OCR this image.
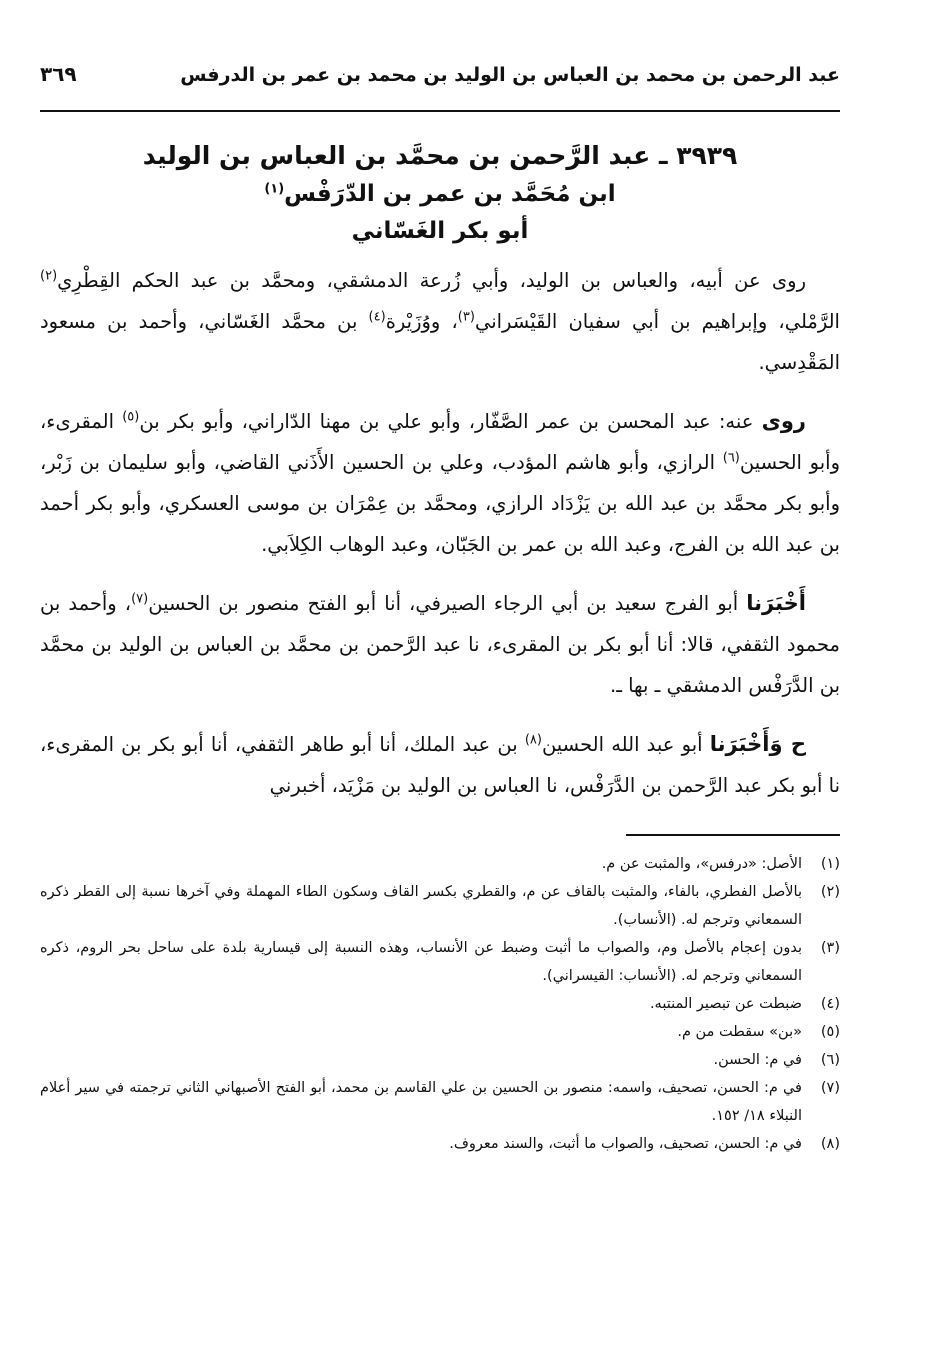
عبد الرحمن بن محمد بن العباس بن الوليد بن محمد بن عمر بن الدرفس
٣٦٩
٣٩٣٩ ـ عبد الرَّحمن بن محمَّد بن العباس بن الوليد
ابن مُحَمَّد بن عمر بن الدّرَفْس$^{(١)}$
أبو بكر الغَسّاني

روى عن أبيه، والعباس بن الوليد، وأبي زُرعة الدمشقي، ومحمَّد بن عبد الحكم القِطْرِي$^{(٢)}$ الرَّمْلي، وإبراهيم بن أبي سفيان القَيْسَراني$^{(٣)}$، ووُزَيْرة$^{(٤)}$ بن محمَّد الغَسّاني، وأحمد بن مسعود المَقْدِسي.

روى عنه: عبد المحسن بن عمر الصَّفّار، وأبو علي بن مهنا الدّاراني، وأبو بكر بن$^{(٥)}$ المقرىء، وأبو الحسين$^{(٦)}$ الرازي، وأبو هاشم المؤدب، وعلي بن الحسين الأَذَني القاضي، وأبو سليمان بن زَبْر، وأبو بكر محمَّد بن عبد الله بن يَزْدَاد الرازي، ومحمَّد بن عِمْرَان بن موسى العسكري، وأبو بكر أحمد بن عبد الله بن الفرج، وعبد الله بن عمر بن الجَبّان، وعبد الوهاب الكِلاَبي.

أَخْبَرَنا أبو الفرج سعيد بن أبي الرجاء الصيرفي، أنا أبو الفتح منصور بن الحسين$^{(٧)}$، وأحمد بن محمود الثقفي، قالا: أنا أبو بكر بن المقرىء، نا عبد الرَّحمن بن محمَّد بن العباس بن الوليد بن محمَّد بن الدَّرَفْس الدمشقي ـ بها ـ.

ح وَأَخْبَرَنا أبو عبد الله الحسين$^{(٨)}$ بن عبد الملك، أنا أبو طاهر الثقفي، أنا أبو بكر بن المقرىء، نا أبو بكر عبد الرَّحمن بن الدَّرَفْس، نا العباس بن الوليد بن مَزْيَد، أخبرني

(١)
الأصل: «درفس»، والمثبت عن م.
(٢)
بالأصل الفطري، بالفاء، والمثبت بالقاف عن م، والقطري بكسر القاف وسكون الطاء المهملة وفي آخرها نسبة إلى القطر ذكره السمعاني وترجم له. (الأنساب).
(٣)
بدون إعجام بالأصل وم، والصواب ما أثبت وضبط عن الأنساب، وهذه النسبة إلى قيسارية بلدة على ساحل بحر الروم، ذكره السمعاني وترجم له. (الأنساب: القيسراني).
(٤)
ضبطت عن تبصير المنتبه.
(٥)
«بن» سقطت من م.
(٦)
في م: الحسن.
(٧)
في م: الحسن، تصحيف، واسمه: منصور بن الحسين بن علي القاسم بن محمد، أبو الفتح الأصبهاني الثاني ترجمته في سير أعلام النبلاء ١٨/ ١٥٢.
(٨)
في م: الحسن، تصحيف، والصواب ما أثبت، والسند معروف.
